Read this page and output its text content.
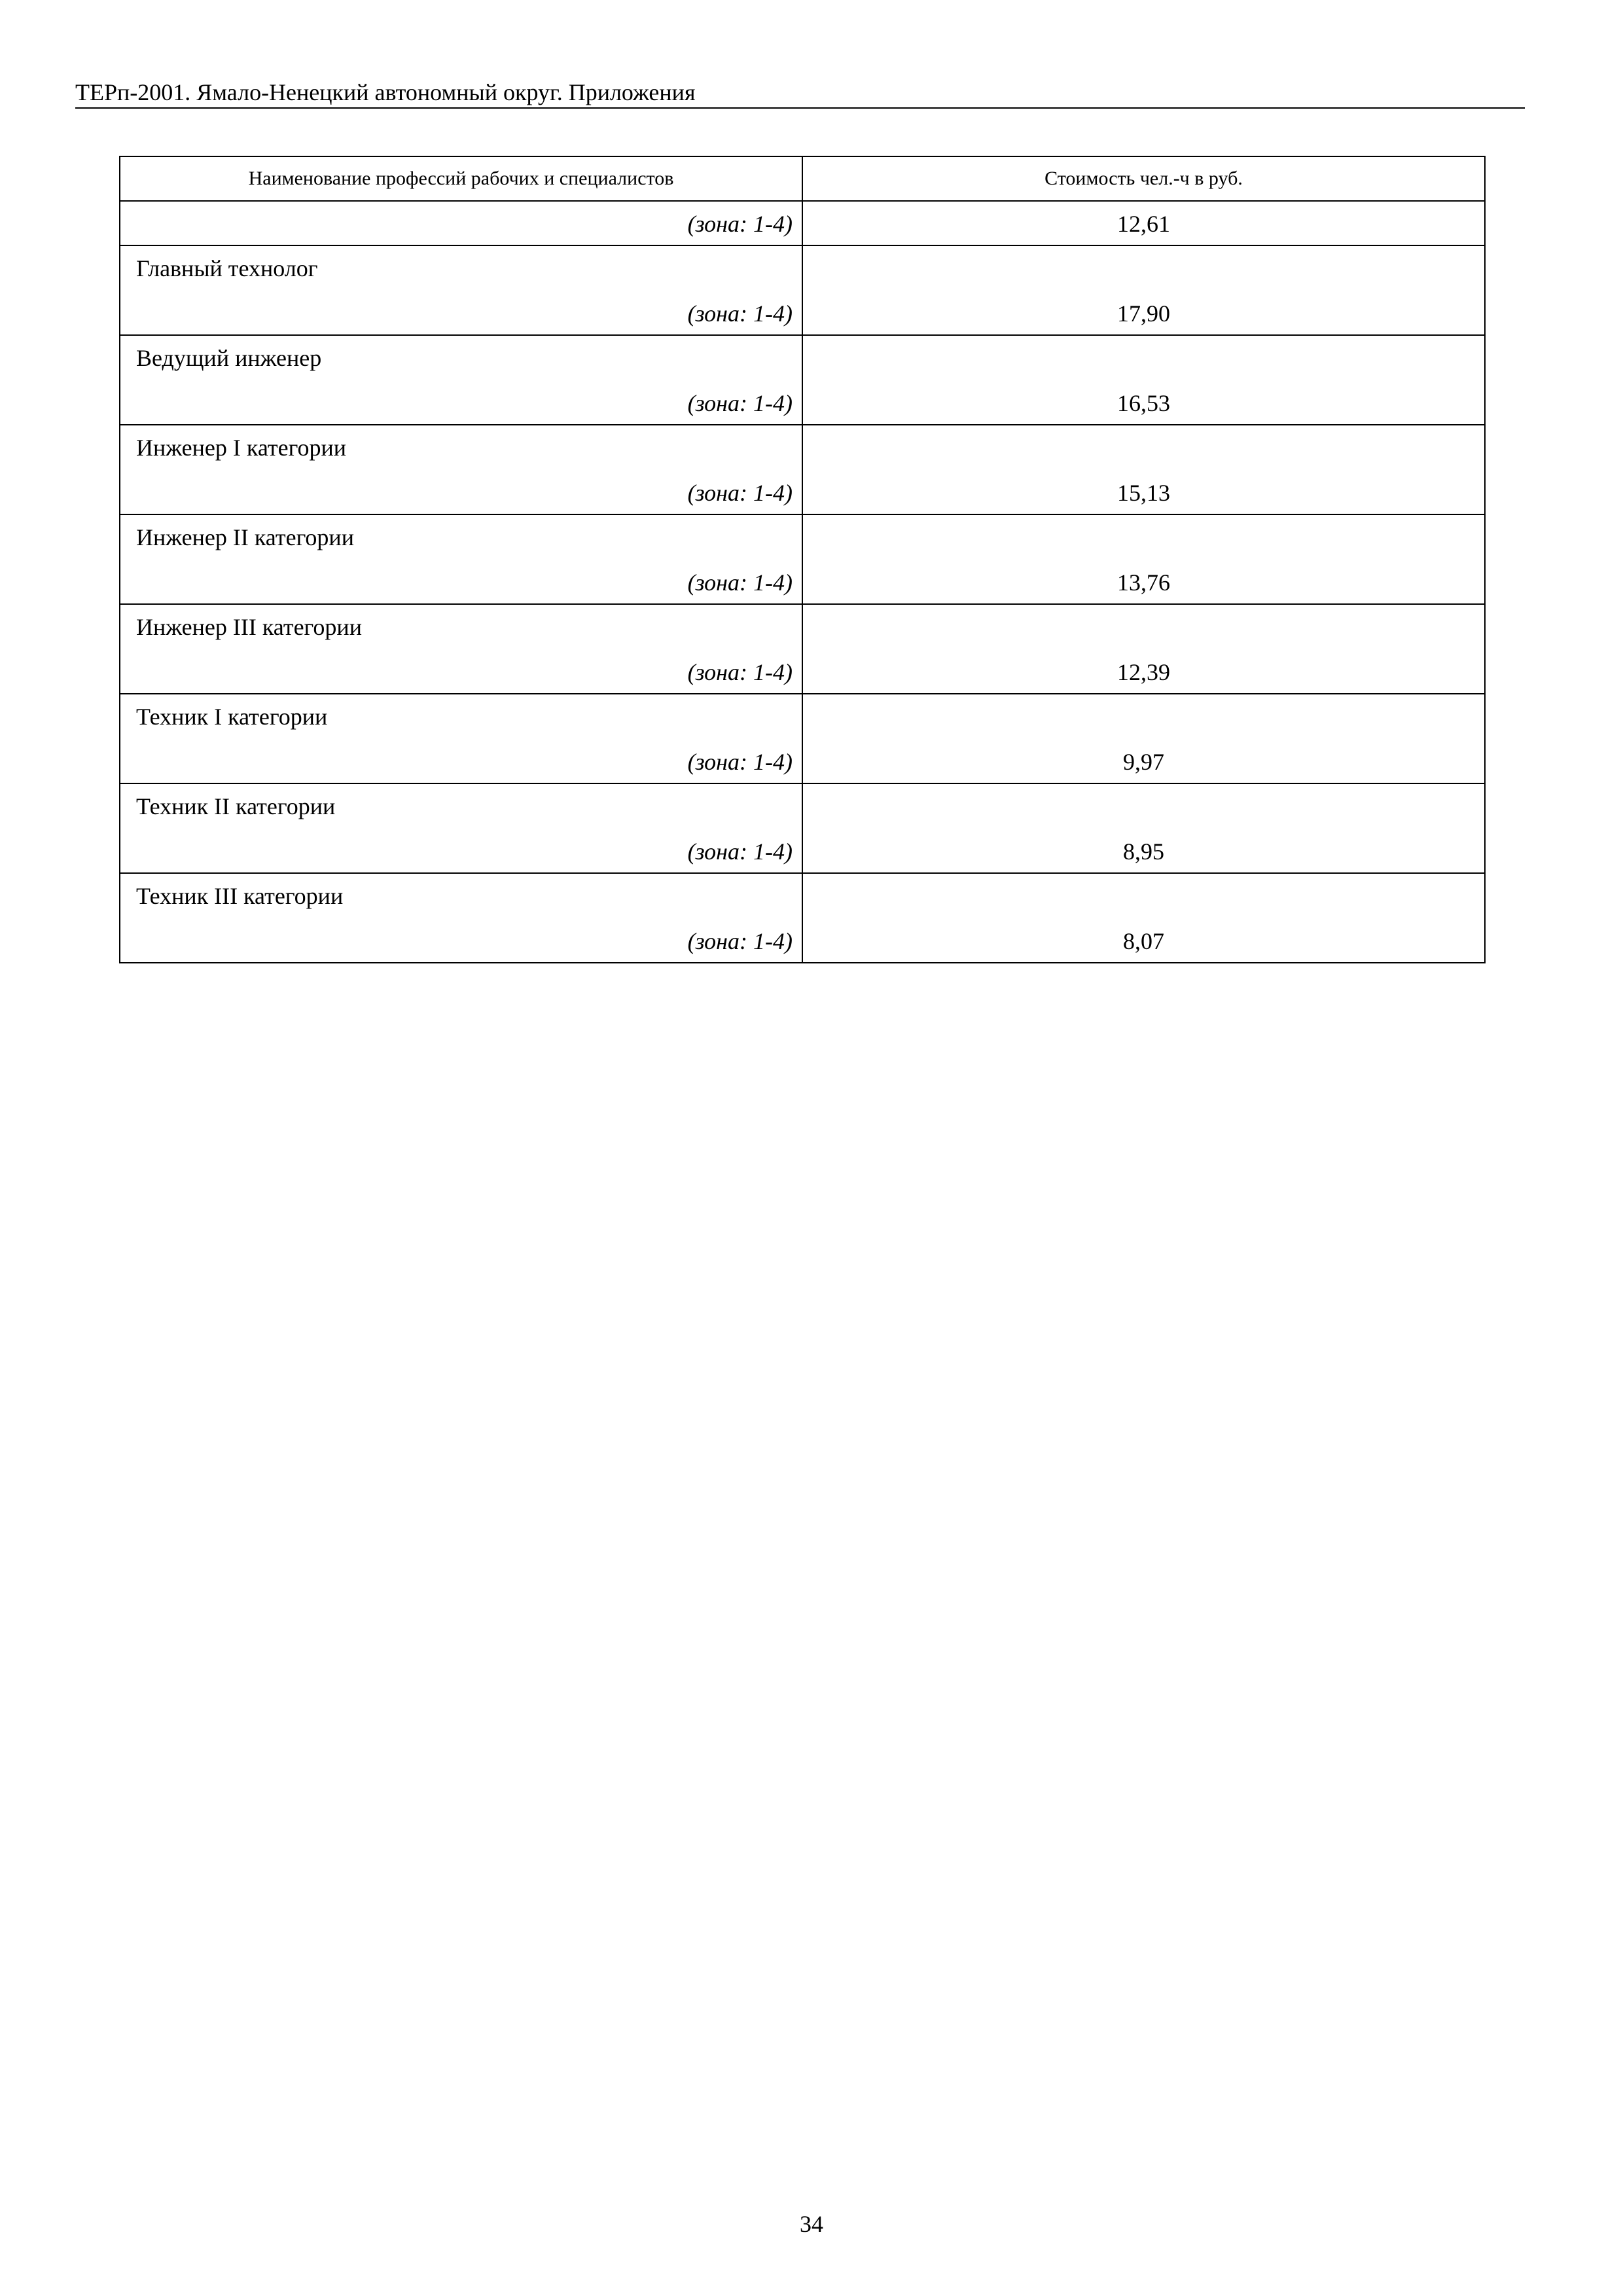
ТЕРп-2001. Ямало-Ненецкий автономный округ. Приложения
Наименование профессий рабочих и специалистов	Стоимость чел.-ч в руб.

(зона: 1-4)	12,61

Главный технолог
(зона: 1-4)	17,90

Ведущий инженер
(зона: 1-4)	16,53

Инженер I категории
(зона: 1-4)	15,13

Инженер II категории
(зона: 1-4)	13,76

Инженер III категории
(зона: 1-4)	12,39

Техник I категории
(зона: 1-4)	9,97

Техник II категории
(зона: 1-4)	8,95

Техник III категории
(зона: 1-4)	8,07
34
